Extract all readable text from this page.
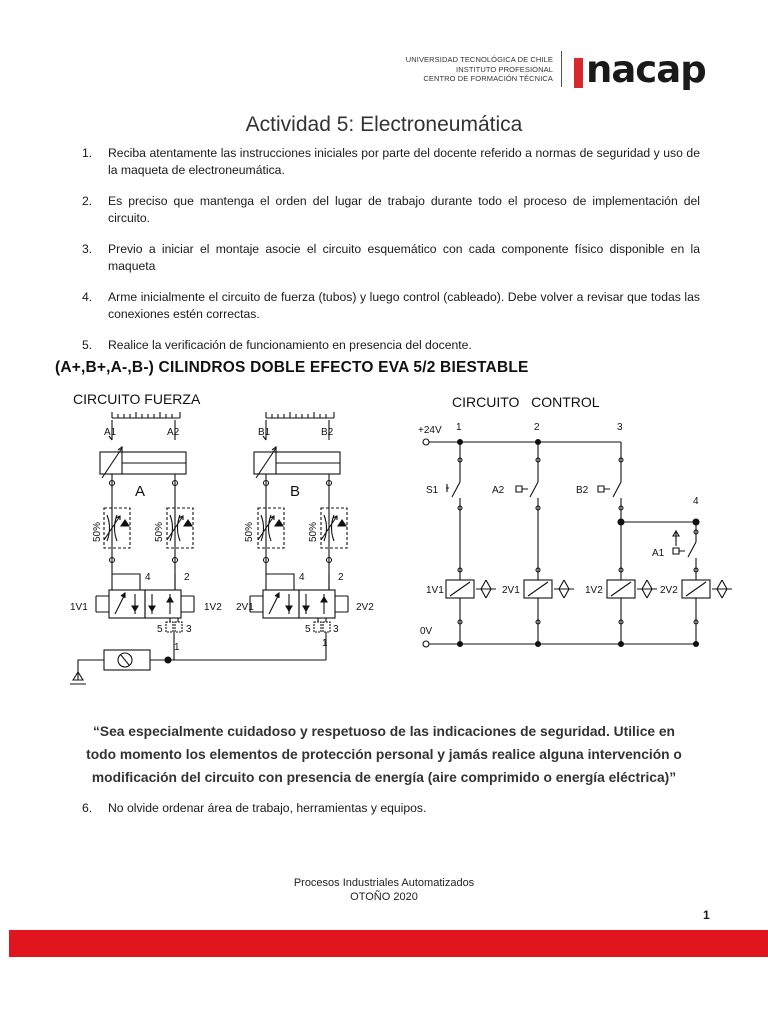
UNIVERSIDAD TECNOLÓGICA DE CHILE
INSTITUTO PROFESIONAL
CENTRO DE FORMACIÓN TÉCNICA nacap
Actividad 5: Electroneumática
1. Reciba atentamente las instrucciones iniciales por parte del docente referido a normas de seguridad y uso de la maqueta de electroneumática.
2. Es preciso que mantenga el orden del lugar de trabajo durante todo el proceso de implementación del circuito.
3. Previo a iniciar el montaje asocie el circuito esquemático con cada componente físico disponible en la maqueta
4. Arme inicialmente el circuito de fuerza (tubos) y luego control (cableado). Debe volver a revisar que todas las conexiones estén correctas.
5. Realice la verificación de funcionamiento en presencia del docente.
(A+,B+,A-,B-) CILINDROS DOBLE EFECTO EVA 5/2 BIESTABLE
CIRCUITO FUERZA	CIRCUITO   CONTROL
A1	A2
A
50%	50%
4	2
1V1	1V2
5 3
1
B1	B2
B
50%	50%
4	2
2V1	2V2
5 3
1
+24V
0V
1	2	3
4
S1	A2	B2
A1
1V1	2V1	1V2	2V2
“Sea especialmente cuidadoso y respetuoso de las indicaciones de seguridad. Utilice en todo momento los elementos de protección personal y jamás realice alguna intervención o modificación del circuito con presencia de energía (aire comprimido o energía eléctrica)”
6. No olvide ordenar área de trabajo, herramientas y equipos.
Procesos Industriales Automatizados
OTOÑO 2020
1
